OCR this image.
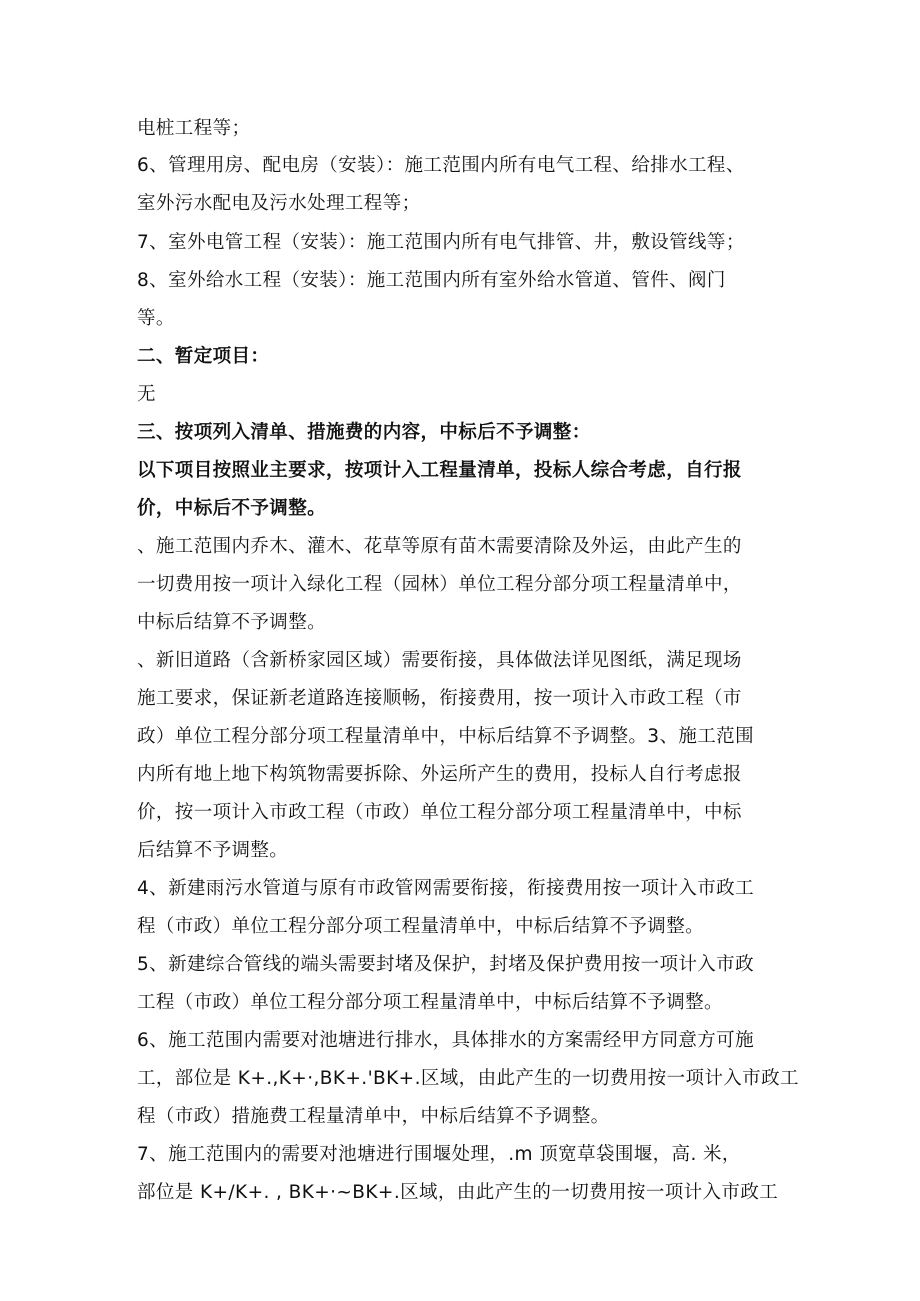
电桩工程等；
6、管理用房、配电房（安装）：施工范围内所有电气工程、给排水工程、
室外污水配电及污水处理工程等；
7、室外电管工程（安装）：施工范围内所有电气排管、井，敷设管线等；
8、室外给水工程（安装）：施工范围内所有室外给水管道、管件、阀门
等。
二、暂定项目：
无
三、按项列入清单、措施费的内容，中标后不予调整：
以下项目按照业主要求，按项计入工程量清单，投标人综合考虑，自行报
价，中标后不予调整。
、施工范围内乔木、灌木、花草等原有苗木需要清除及外运，由此产生的
一切费用按一项计入绿化工程（园林）单位工程分部分项工程量清单中，
中标后结算不予调整。
、新旧道路（含新桥家园区域）需要衔接，具体做法详见图纸，满足现场
施工要求，保证新老道路连接顺畅，衔接费用，按一项计入市政工程（市
政）单位工程分部分项工程量清单中，中标后结算不予调整。3、施工范围
内所有地上地下构筑物需要拆除、外运所产生的费用，投标人自行考虑报
价，按一项计入市政工程（市政）单位工程分部分项工程量清单中，中标
后结算不予调整。
4、新建雨污水管道与原有市政管网需要衔接，衔接费用按一项计入市政工
程（市政）单位工程分部分项工程量清单中，中标后结算不予调整。
5、新建综合管线的端头需要封堵及保护，封堵及保护费用按一项计入市政
工程（市政）单位工程分部分项工程量清单中，中标后结算不予调整。
6、施工范围内需要对池塘进行排水，具体排水的方案需经甲方同意方可施
工，部位是 K+.,K+·,BK+.'BK+.区域，由此产生的一切费用按一项计入市政工
程（市政）措施费工程量清单中，中标后结算不予调整。
7、施工范围内的需要对池塘进行围堰处理，.m 顶宽草袋围堰，高. 米，
部位是 K+/K+. , BK+·~BK+.区域，由此产生的一切费用按一项计入市政工
